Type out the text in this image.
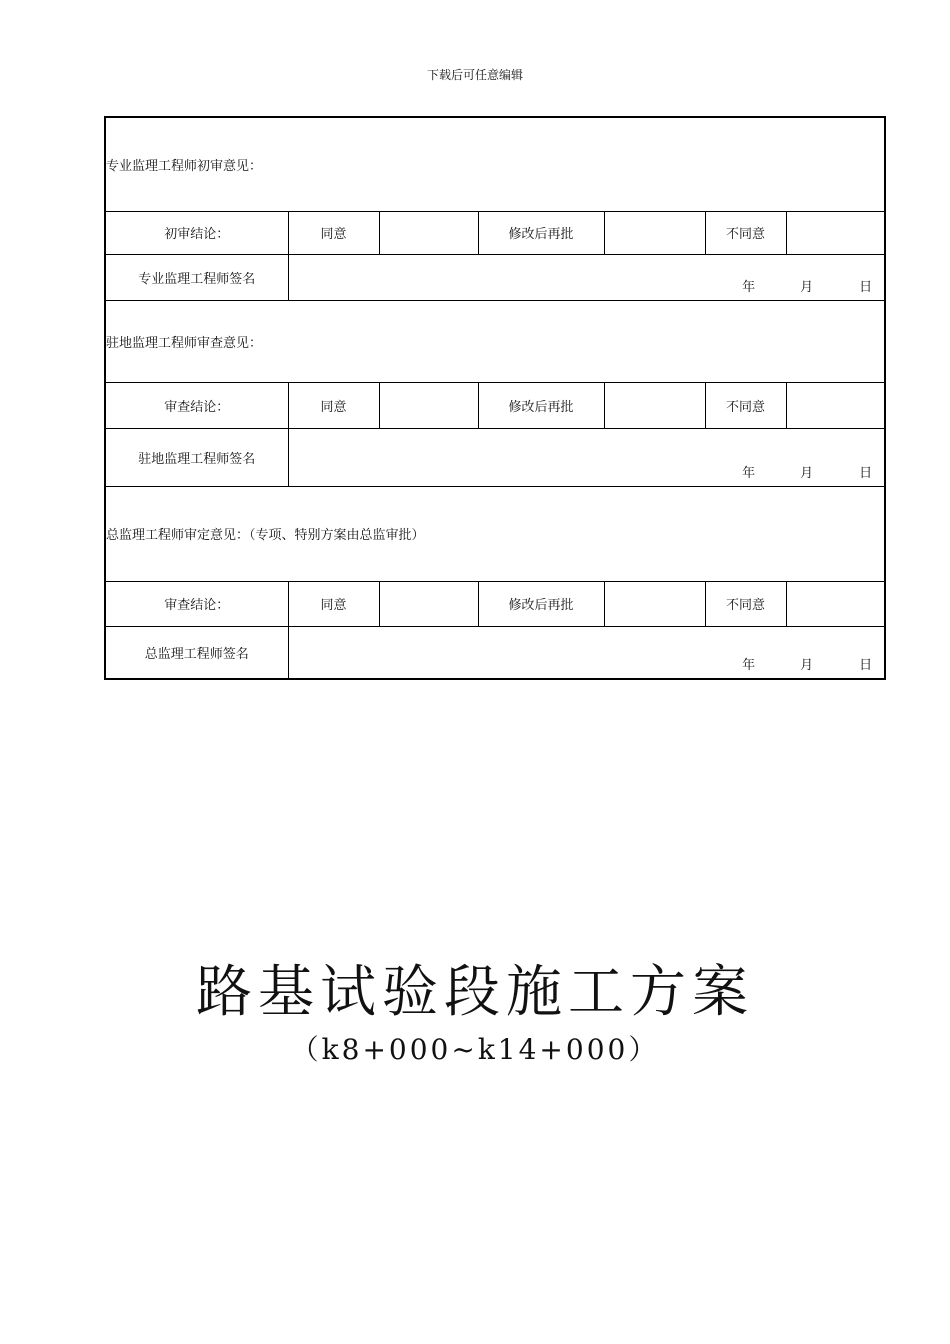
下载后可任意编辑
专业监理工程师初审意见：						
初审结论：	同意		修改后再批		不同意	
专业监理工程师签名	年 月 日					

驻地监理工程师审查意见：						
审查结论：	同意		修改后再批		不同意	
驻地监理工程师签名	年 月 日					

总监理工程师审定意见：（专项、特别方案由总监审批）						
审查结论：	同意		修改后再批		不同意	
总监理工程师签名	年 月 日					
路基试验段施工方案
（k8+000~k14+000）
